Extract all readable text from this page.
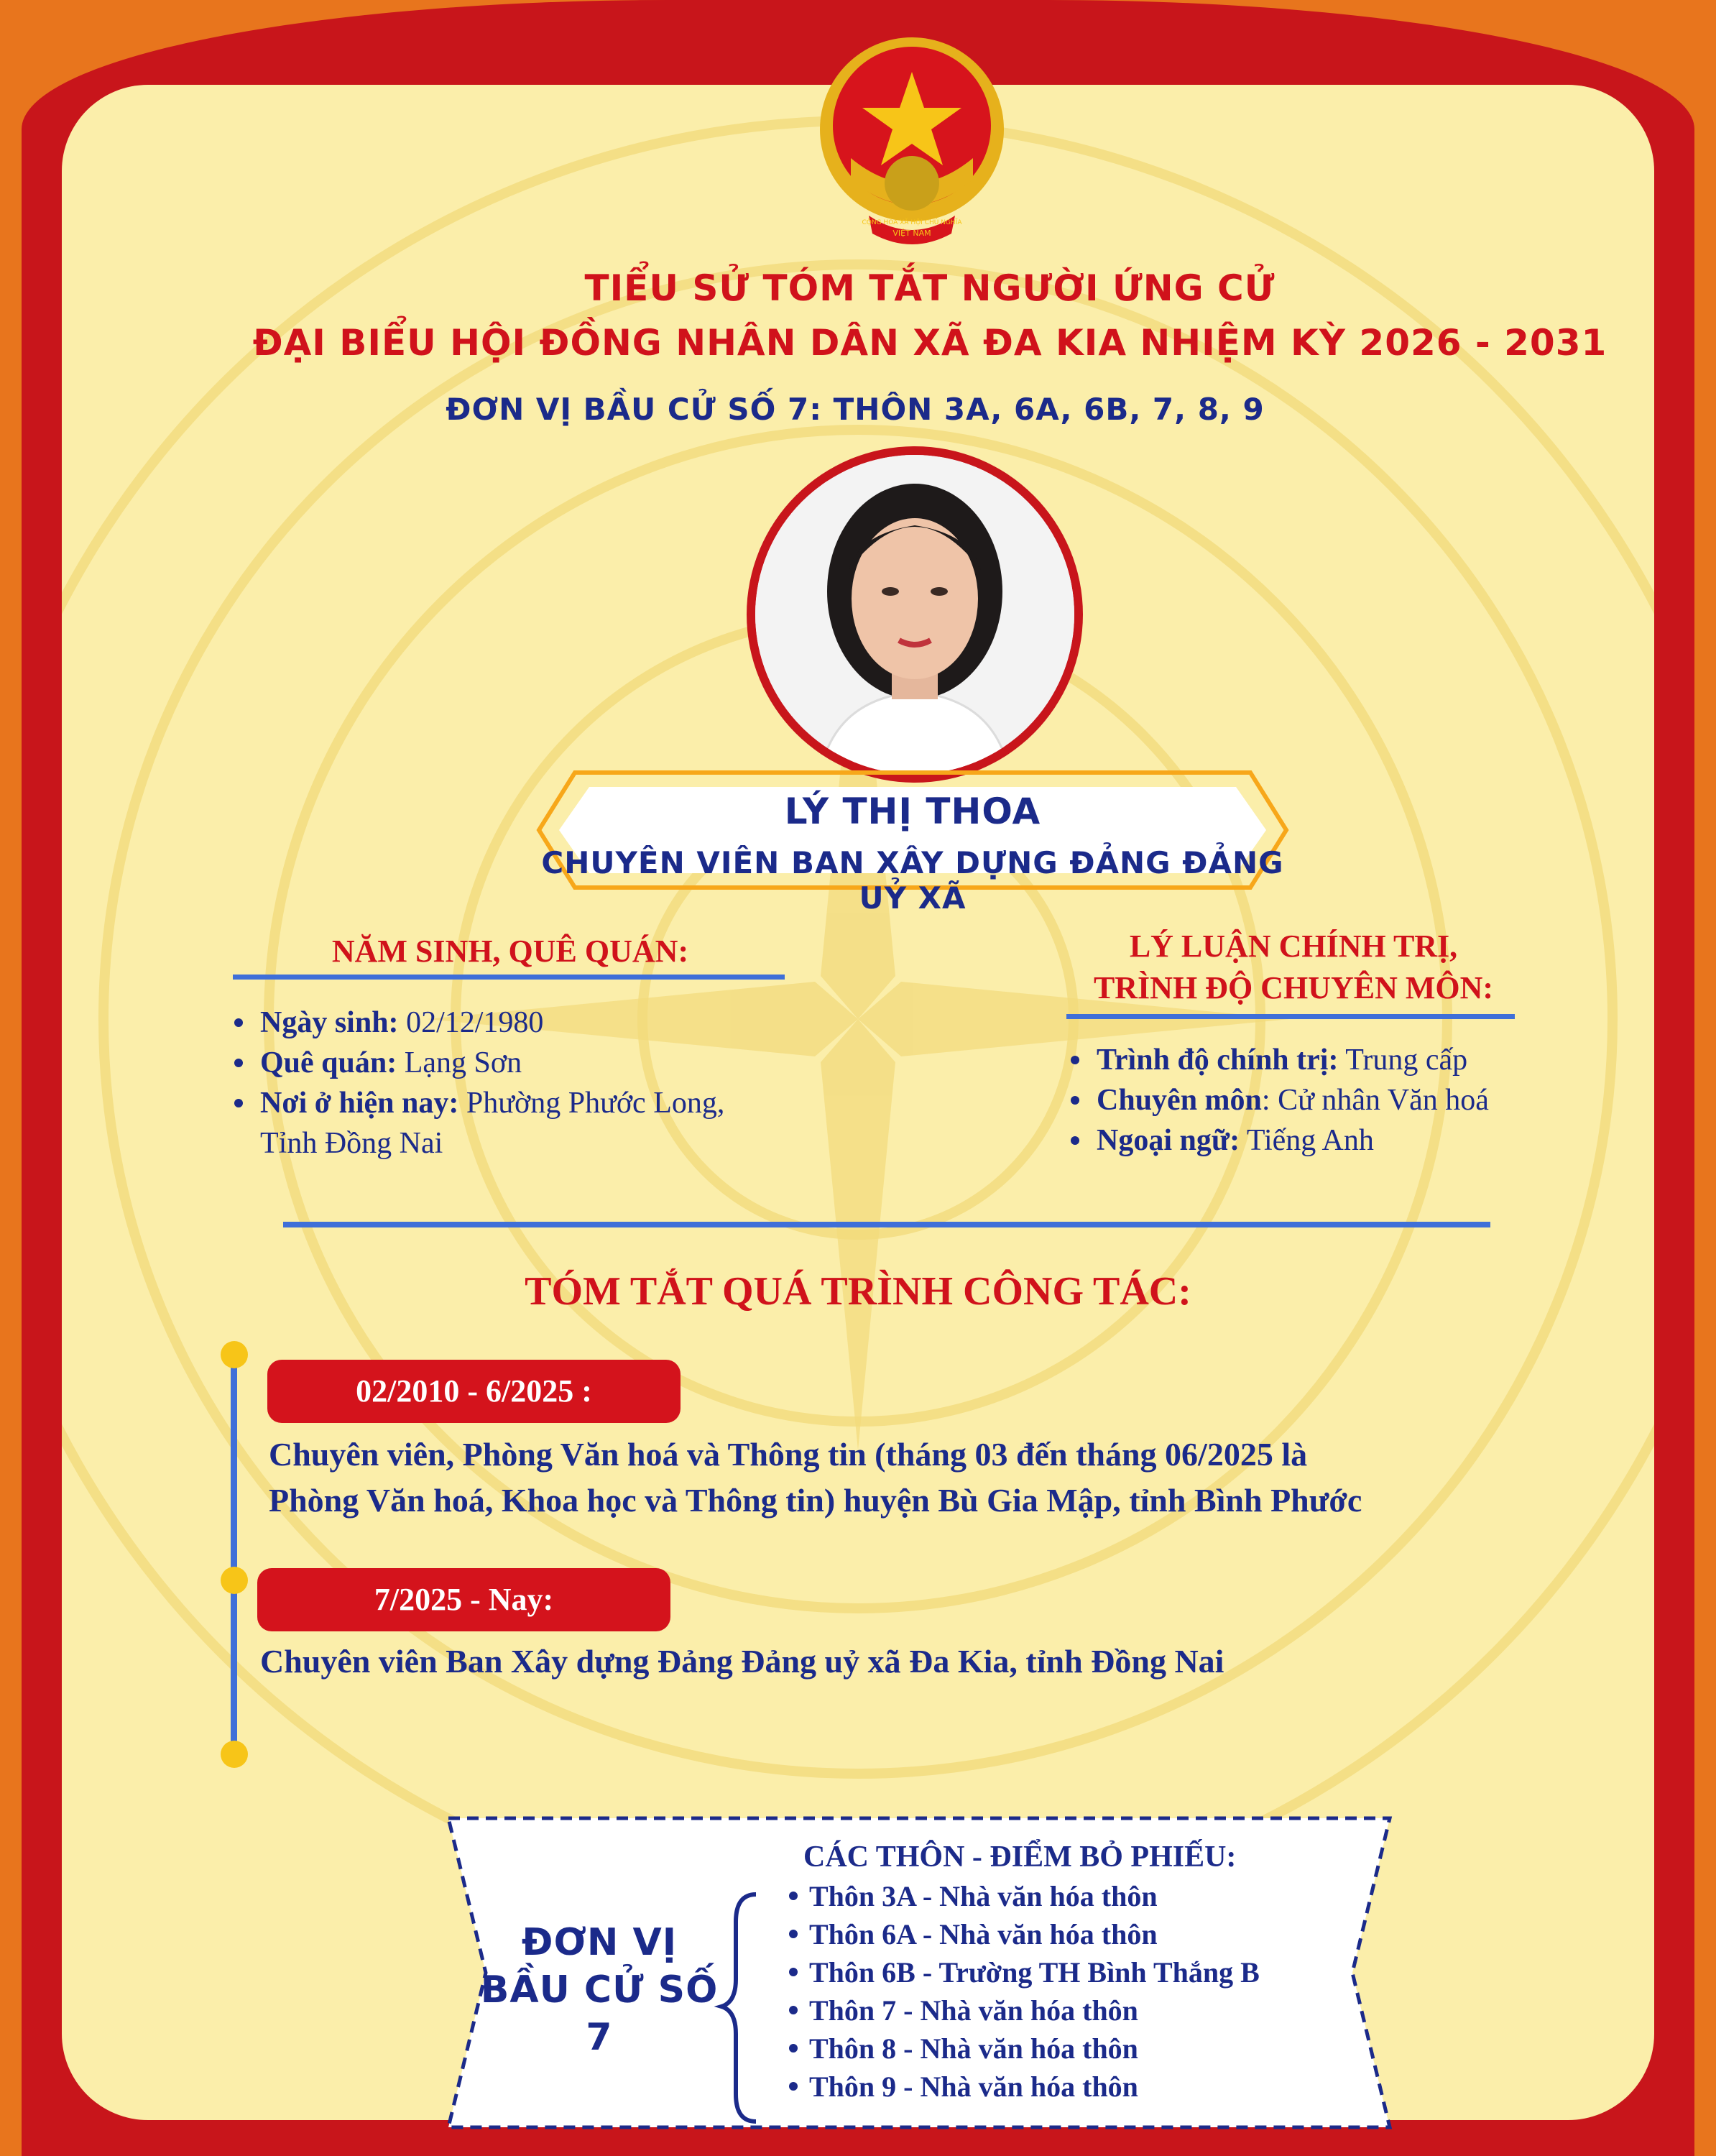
CỘNG HÒA XÃ HỘI CHỦ NGHĨA
VIỆT NAM
TIỂU SỬ TÓM TẮT NGƯỜI ỨNG CỬ
ĐẠI BIỂU HỘI ĐỒNG NHÂN DÂN XÃ ĐA KIA NHIỆM KỲ 2026 - 2031
ĐƠN VỊ BẦU CỬ SỐ 7: THÔN 3A, 6A, 6B, 7, 8, 9
LÝ THỊ THOA
CHUYÊN VIÊN BAN XÂY DỰNG ĐẢNG ĐẢNG UỶ XÃ
NĂM SINH, QUÊ QUÁN:
Ngày sinh: 02/12/1980
Quê quán: Lạng Sơn
Nơi ở hiện nay: Phường Phước Long,
Tỉnh Đồng Nai
LÝ LUẬN CHÍNH TRỊ,
TRÌNH ĐỘ CHUYÊN MÔN:
Trình độ chính trị: Trung cấp
Chuyên môn: Cử nhân Văn hoá
Ngoại ngữ: Tiếng Anh
TÓM TẮT QUÁ TRÌNH CÔNG TÁC:
02/2010 - 6/2025 :
Chuyên viên, Phòng Văn hoá và Thông tin (tháng 03 đến tháng 06/2025 là
Phòng Văn hoá, Khoa học và Thông tin) huyện Bù Gia Mập, tỉnh Bình Phước
7/2025 - Nay:
Chuyên viên Ban Xây dựng Đảng Đảng uỷ xã Đa Kia, tỉnh Đồng Nai
ĐƠN VỊ
BẦU CỬ SỐ 7
CÁC THÔN - ĐIỂM BỎ PHIẾU:
Thôn 3A - Nhà văn hóa thôn
Thôn 6A - Nhà văn hóa thôn
Thôn 6B - Trường TH Bình Thắng B
Thôn 7 - Nhà văn hóa thôn
Thôn 8 - Nhà văn hóa thôn
Thôn 9 - Nhà văn hóa thôn
